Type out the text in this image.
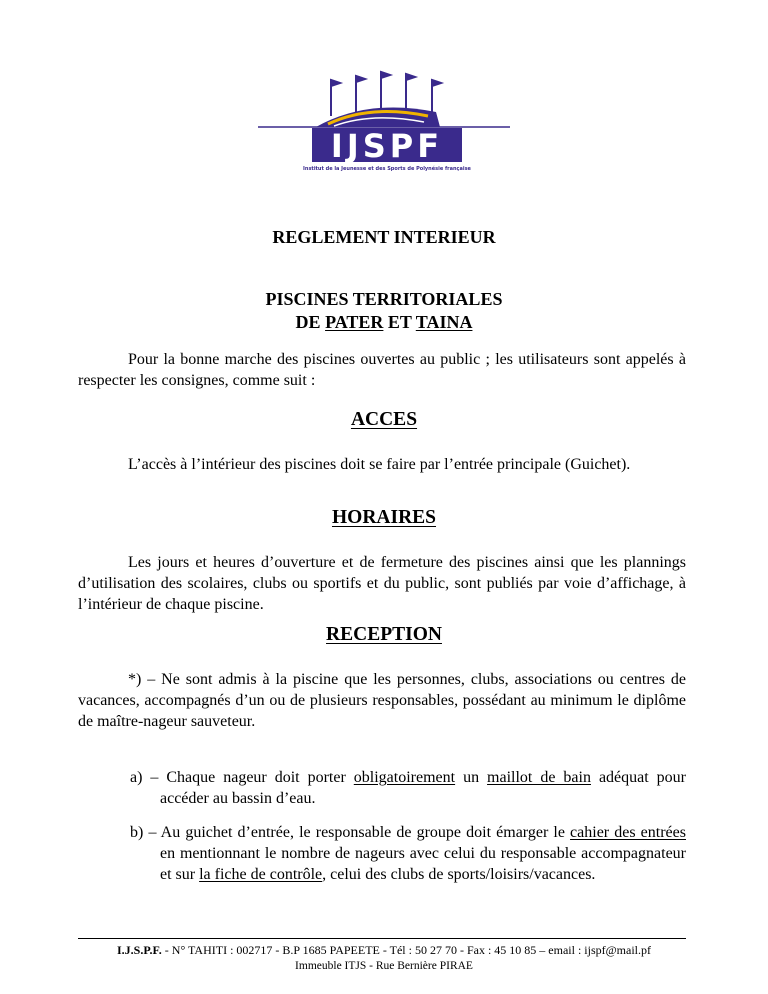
IJSPF
Institut de la Jeunesse et des Sports de Polynésie française
REGLEMENT INTERIEUR
PISCINES TERRITORIALES
DE PATER ET TAINA
Pour la bonne marche des piscines ouvertes au public ; les utilisateurs sont appelés à respecter les consignes, comme suit :
ACCES
L’accès à l’intérieur des piscines doit se faire par l’entrée principale (Guichet).
HORAIRES
Les jours et heures d’ouverture et de fermeture des piscines ainsi que les plannings d’utilisation des scolaires, clubs ou sportifs et du public, sont publiés par voie d’affichage, à l’intérieur de chaque piscine.
RECEPTION
*) – Ne sont admis à la piscine que les personnes, clubs, associations ou centres de vacances, accompagnés d’un ou de plusieurs responsables, possédant au minimum le diplôme de maître-nageur sauveteur.
a) – Chaque nageur doit porter obligatoirement un maillot de bain adéquat pour accéder au bassin d’eau.
b) – Au guichet d’entrée, le responsable de groupe doit émarger le cahier des entrées en mentionnant le nombre de nageurs avec celui du responsable accompagnateur et sur la fiche de contrôle, celui des clubs de sports/loisirs/vacances.
I.J.S.P.F. - N° TAHITI : 002717 - B.P 1685 PAPEETE - Tél : 50 27 70 - Fax : 45 10 85 – email : ijspf@mail.pf
Immeuble ITJS - Rue Bernière PIRAE
